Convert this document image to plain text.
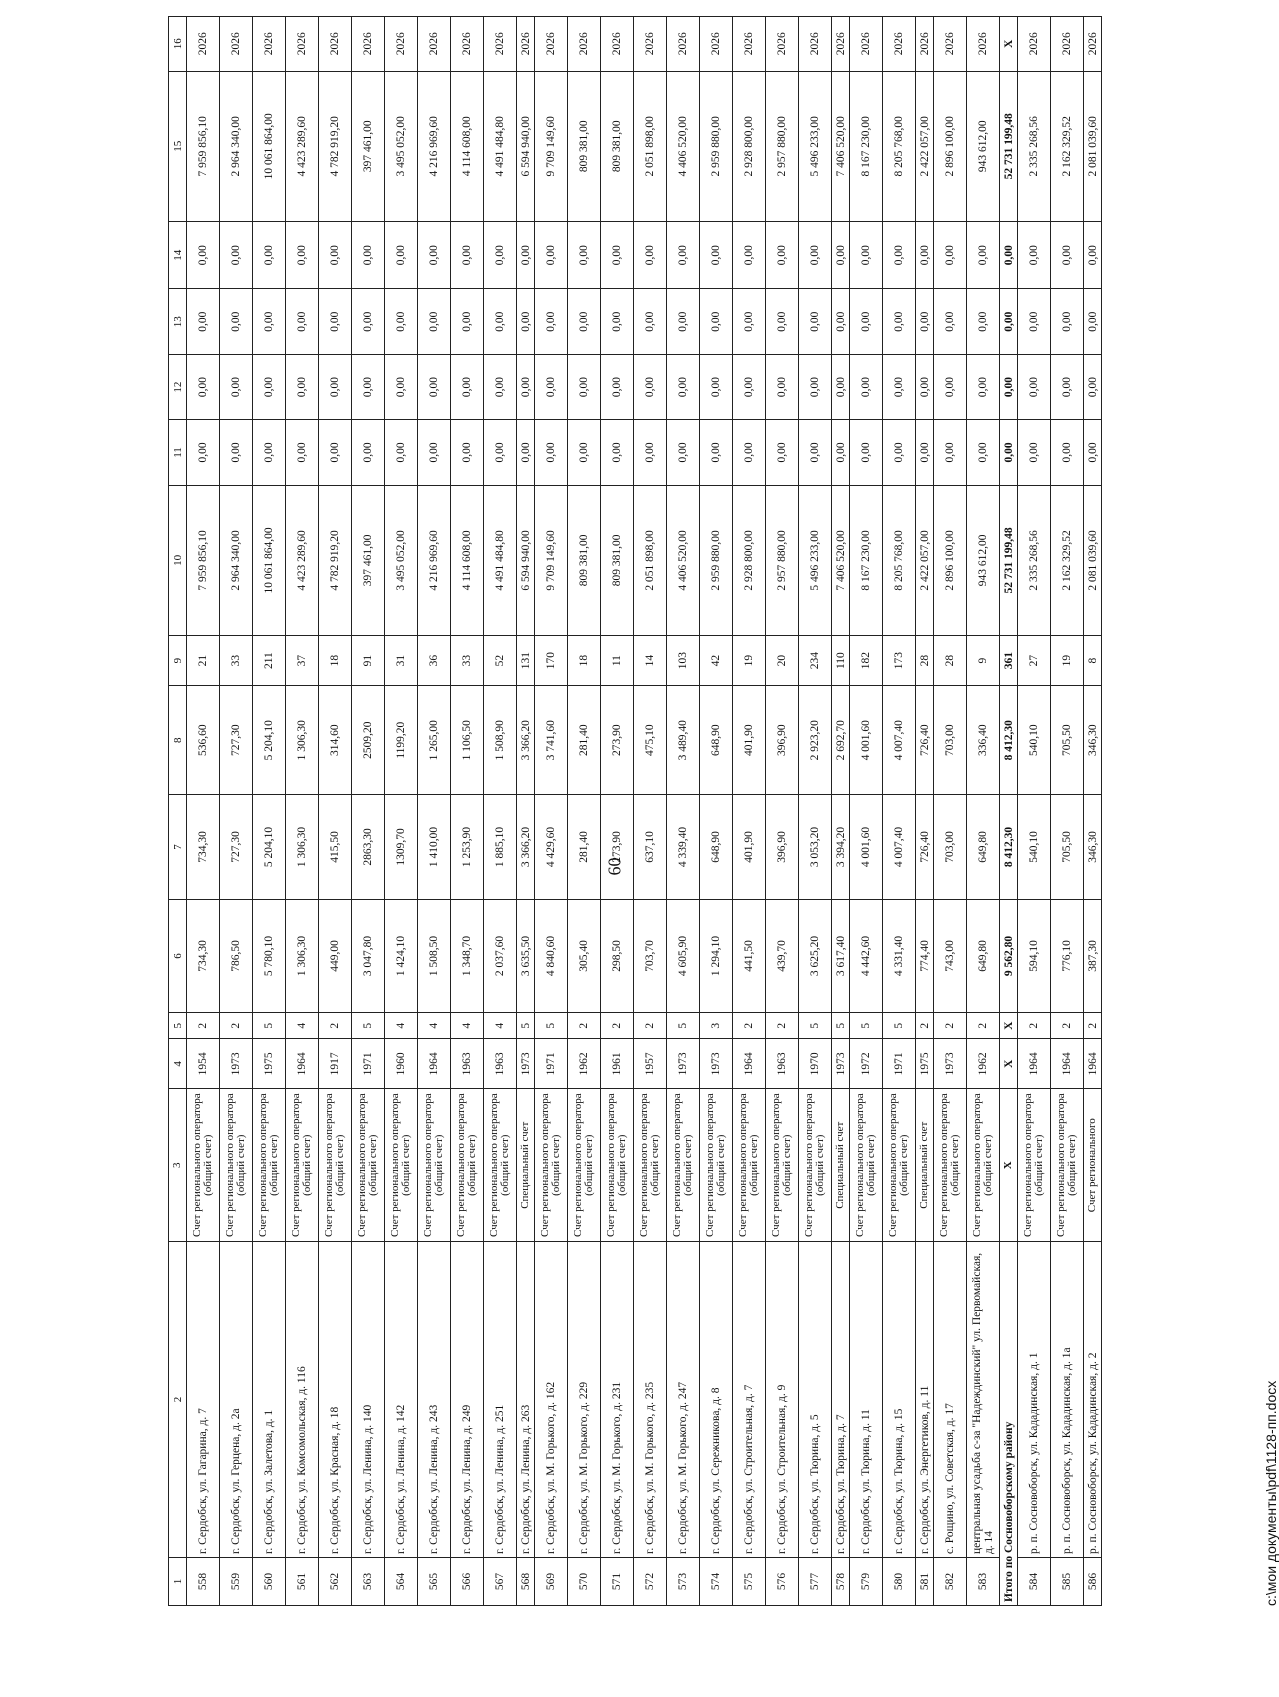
60
1	2	3	4	5	6	7	8	9	10	11	12	13	14	15	16
558	г. Сердобск, ул. Гагарина, д. 7	Счет регионального оператора (общий счет)	1954	2	734,30	734,30	536,60	21	7 959 856,10	0,00	0,00	0,00	0,00	7 959 856,10	2026
559	г. Сердобск, ул. Герцена, д. 2а	Счет регионального оператора (общий счет)	1973	2	786,50	727,30	727,30	33	2 964 340,00	0,00	0,00	0,00	0,00	2 964 340,00	2026
560	г. Сердобск, ул. Залетова, д. 1	Счет регионального оператора (общий счет)	1975	5	5 780,10	5 204,10	5 204,10	211	10 061 864,00	0,00	0,00	0,00	0,00	10 061 864,00	2026
561	г. Сердобск, ул. Комсомольская, д. 116	Счет регионального оператора (общий счет)	1964	4	1 306,30	1 306,30	1 306,30	37	4 423 289,60	0,00	0,00	0,00	0,00	4 423 289,60	2026
562	г. Сердобск, ул. Красная, д. 18	Счет регионального оператора (общий счет)	1917	2	449,00	415,50	314,60	18	4 782 919,20	0,00	0,00	0,00	0,00	4 782 919,20	2026
563	г. Сердобск, ул. Ленина, д. 140	Счет регионального оператора (общий счет)	1971	5	3 047,80	2863,30	2509,20	91	397 461,00	0,00	0,00	0,00	0,00	397 461,00	2026
564	г. Сердобск, ул. Ленина, д. 142	Счет регионального оператора (общий счет)	1960	4	1 424,10	1309,70	1199,20	31	3 495 052,00	0,00	0,00	0,00	0,00	3 495 052,00	2026
565	г. Сердобск, ул. Ленина, д. 243	Счет регионального оператора (общий счет)	1964	4	1 508,50	1 410,00	1 265,00	36	4 216 969,60	0,00	0,00	0,00	0,00	4 216 969,60	2026
566	г. Сердобск, ул. Ленина, д. 249	Счет регионального оператора (общий счет)	1963	4	1 348,70	1 253,90	1 106,50	33	4 114 608,00	0,00	0,00	0,00	0,00	4 114 608,00	2026
567	г. Сердобск, ул. Ленина, д. 251	Счет регионального оператора (общий счет)	1963	4	2 037,60	1 885,10	1 508,90	52	4 491 484,80	0,00	0,00	0,00	0,00	4 491 484,80	2026
568	г. Сердобск, ул. Ленина, д. 263	Специальный счет	1973	5	3 635,50	3 366,20	3 366,20	131	6 594 940,00	0,00	0,00	0,00	0,00	6 594 940,00	2026
569	г. Сердобск, ул. М. Горького, д. 162	Счет регионального оператора (общий счет)	1971	5	4 840,60	4 429,60	3 741,60	170	9 709 149,60	0,00	0,00	0,00	0,00	9 709 149,60	2026
570	г. Сердобск, ул. М. Горького, д. 229	Счет регионального оператора (общий счет)	1962	2	305,40	281,40	281,40	18	809 381,00	0,00	0,00	0,00	0,00	809 381,00	2026
571	г. Сердобск, ул. М. Горького, д. 231	Счет регионального оператора (общий счет)	1961	2	298,50	273,90	273,90	11	809 381,00	0,00	0,00	0,00	0,00	809 381,00	2026
572	г. Сердобск, ул. М. Горького, д. 235	Счет регионального оператора (общий счет)	1957	2	703,70	637,10	475,10	14	2 051 898,00	0,00	0,00	0,00	0,00	2 051 898,00	2026
573	г. Сердобск, ул. М. Горького, д. 247	Счет регионального оператора (общий счет)	1973	5	4 605,90	4 339,40	3 489,40	103	4 406 520,00	0,00	0,00	0,00	0,00	4 406 520,00	2026
574	г. Сердобск, ул. Сережникова, д. 8	Счет регионального оператора (общий счет)	1973	3	1 294,10	648,90	648,90	42	2 959 880,00	0,00	0,00	0,00	0,00	2 959 880,00	2026
575	г. Сердобск, ул. Строительная, д. 7	Счет регионального оператора (общий счет)	1964	2	441,50	401,90	401,90	19	2 928 800,00	0,00	0,00	0,00	0,00	2 928 800,00	2026
576	г. Сердобск, ул. Строительная, д. 9	Счет регионального оператора (общий счет)	1963	2	439,70	396,90	396,90	20	2 957 880,00	0,00	0,00	0,00	0,00	2 957 880,00	2026
577	г. Сердобск, ул. Тюрина, д. 5	Счет регионального оператора (общий счет)	1970	5	3 625,20	3 053,20	2 923,20	234	5 496 233,00	0,00	0,00	0,00	0,00	5 496 233,00	2026
578	г. Сердобск, ул. Тюрина, д. 7	Специальный счет	1973	5	3 617,40	3 394,20	2 692,70	110	7 406 520,00	0,00	0,00	0,00	0,00	7 406 520,00	2026
579	г. Сердобск, ул. Тюрина, д. 11	Счет регионального оператора (общий счет)	1972	5	4 442,60	4 001,60	4 001,60	182	8 167 230,00	0,00	0,00	0,00	0,00	8 167 230,00	2026
580	г. Сердобск, ул. Тюрина, д. 15	Счет регионального оператора (общий счет)	1971	5	4 331,40	4 007,40	4 007,40	173	8 205 768,00	0,00	0,00	0,00	0,00	8 205 768,00	2026
581	г. Сердобск, ул. Энергетиков, д. 11	Специальный счет	1975	2	774,40	726,40	726,40	28	2 422 057,00	0,00	0,00	0,00	0,00	2 422 057,00	2026
582	с. Рощино, ул. Советская, д. 17	Счет регионального оператора (общий счет)	1973	2	743,00	703,00	703,00	28	2 896 100,00	0,00	0,00	0,00	0,00	2 896 100,00	2026
583	центральная усадьба с-за "Надеждинский" ул. Первомайская, д. 14	Счет регионального оператора (общий счет)	1962	2	649,80	649,80	336,40	9	943 612,00	0,00	0,00	0,00	0,00	943 612,00	2026
Итого по Сосновоборскому району		X	X	X	9 562,80	8 412,30	8 412,30	361	52 731 199,48	0,00	0,00	0,00	0,00	52 731 199,48	X
584	р. п. Сосновоборск, ул. Кададинская, д. 1	Счет регионального оператора (общий счет)	1964	2	594,10	540,10	540,10	27	2 335 268,56	0,00	0,00	0,00	0,00	2 335 268,56	2026
585	р. п. Сосновоборск, ул. Кададинская, д. 1а	Счет регионального оператора (общий счет)	1964	2	776,10	705,50	705,50	19	2 162 329,52	0,00	0,00	0,00	0,00	2 162 329,52	2026
586	р. п. Сосновоборск, ул. Кададинская, д. 2	Счет регионального	1964	2	387,30	346,30	346,30	8	2 081 039,60	0,00	0,00	0,00	0,00	2 081 039,60	2026
c:\мои документы\pdf\1128-пп.docx
